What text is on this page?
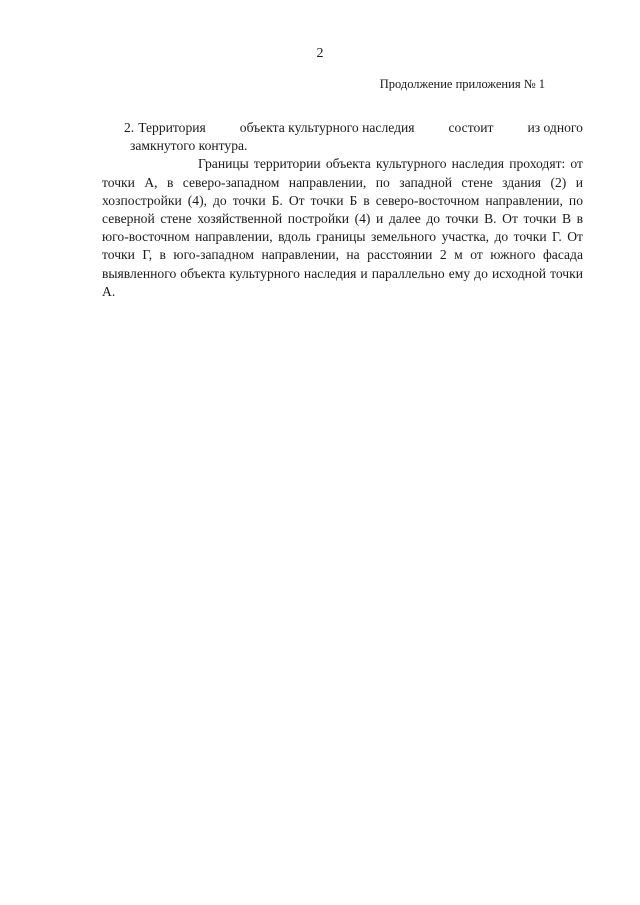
2
Продолжение приложения № 1
2. Территория объекта культурного наследия состоит из одного
замкнутого контура.

Границы территории объекта культурного наследия проходят: от точки А, в северо-западном направлении, по западной стене здания (2) и хозпостройки (4), до точки Б. От точки Б в северо-восточном направлении, по северной стене хозяйственной постройки (4) и далее до точки В. От точки В в юго-восточном направлении, вдоль границы земельного участка, до точки Г. От точки Г, в юго-западном направлении, на расстоянии 2 м от южного фасада выявленного объекта культурного наследия и параллельно ему до исходной точки А.
